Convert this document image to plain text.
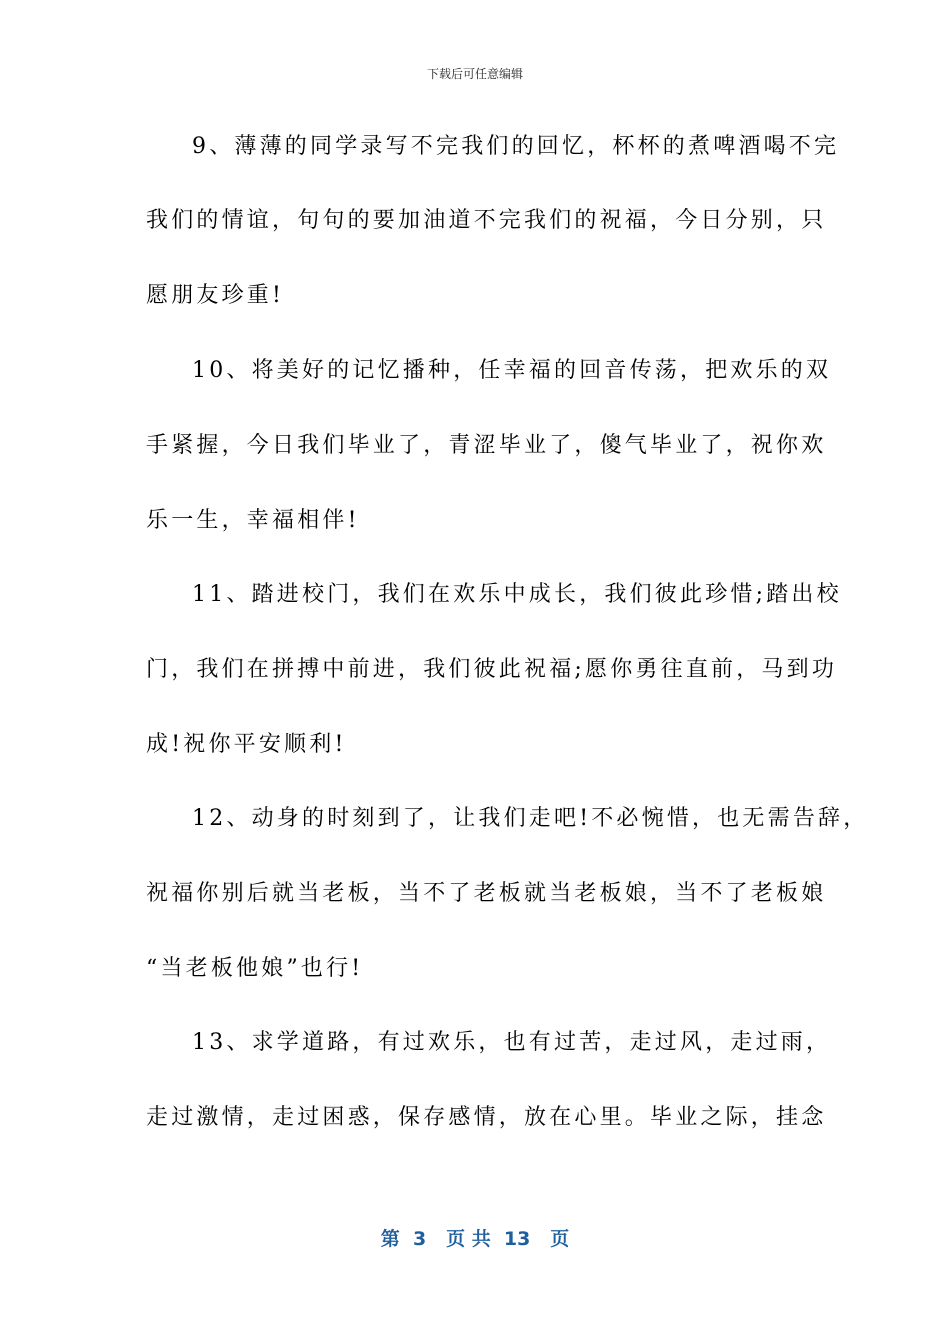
下载后可任意编辑
9、薄薄的同学录写不完我们的回忆，杯杯的煮啤酒喝不完
我们的情谊，句句的要加油道不完我们的祝福，今日分别，只
愿朋友珍重!
10、将美好的记忆播种，任幸福的回音传荡，把欢乐的双
手紧握，今日我们毕业了，青涩毕业了，傻气毕业了，祝你欢
乐一生，幸福相伴!
11、踏进校门，我们在欢乐中成长，我们彼此珍惜;踏出校
门，我们在拼搏中前进，我们彼此祝福;愿你勇往直前，马到功
成!祝你平安顺利!
12、动身的时刻到了，让我们走吧!不必惋惜，也无需告辞，
祝福你别后就当老板，当不了老板就当老板娘，当不了老板娘
“当老板他娘”也行!
13、求学道路，有过欢乐，也有过苦，走过风，走过雨，
走过激情，走过困惑，保存感情，放在心里。毕业之际，挂念
第  3   页 共  13   页
